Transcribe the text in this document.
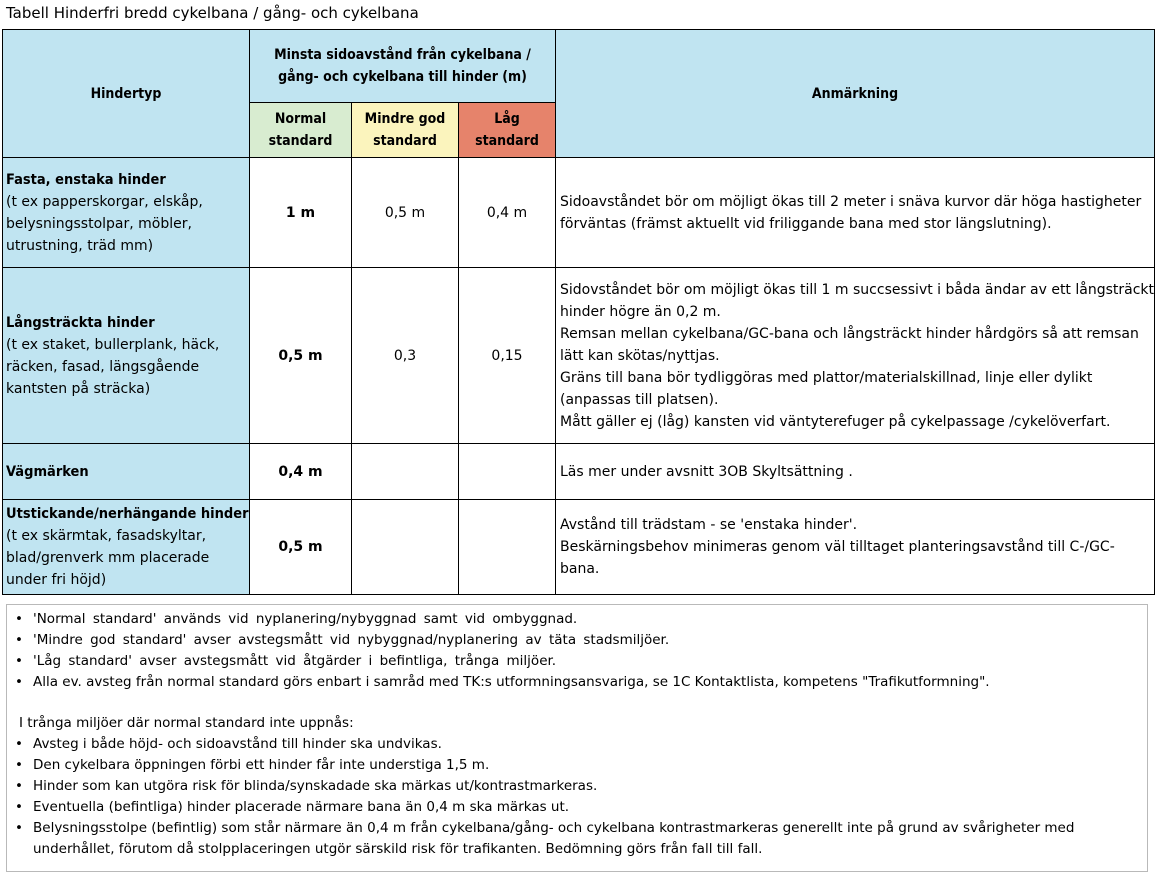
Tabell Hinderfri bredd cykelbana / gång- och cykelbana
Hindertyp	Minsta sidoavstånd från cykelbana / gång- och cykelbana till hinder (m)			Anmärkning
	Normal standard	Mindre god standard	Låg standard	

Fasta, enstaka hinder
(t ex papperskorgar, elskåp, belysningsstolpar, möbler, utrustning, träd mm)	1 m	0,5 m	0,4 m	Sidoavståndet bör om möjligt ökas till 2 meter i snäva kurvor där höga hastigheter förväntas (främst aktuellt vid friliggande bana med stor längslutning).

Långsträckta hinder
(t ex staket, bullerplank, häck, räcken, fasad, längsgående kantsten på sträcka)	0,5 m	0,3	0,15	Sidovståndet bör om möjligt ökas till 1 m succsessivt i båda ändar av ett långsträckt hinder högre än 0,2 m.
Remsan mellan cykelbana/GC-bana och långsträckt hinder hårdgörs så att remsan lätt kan skötas/nyttjas.
Gräns till bana bör tydliggöras med plattor/materialskillnad, linje eller dylikt (anpassas till platsen).
Mått gäller ej (låg) kansten vid väntyterefuger på cykelpassage /cykelöverfart.

Vägmärken	0,4 m			Läs mer under avsnitt 3OB Skyltsättning .

Utstickande/nerhängande hinder
(t ex skärmtak, fasadskyltar, blad/grenverk mm placerade under fri höjd)	0,5 m			Avstånd till trädstam - se 'enstaka hinder'.
Beskärningsbehov minimeras genom väl tilltaget planteringsavstånd till C-/GC-bana.
• 'Normal standard' används vid nyplanering/nybyggnad samt vid ombyggnad.
• 'Mindre god standard' avser avstegsmått vid nybyggnad/nyplanering av täta stadsmiljöer.
• 'Låg standard' avser avstegsmått vid åtgärder i befintliga, trånga miljöer.
• Alla ev. avsteg från normal standard görs enbart i samråd med TK:s utformningsansvariga, se 1C Kontaktlista, kompetens "Trafikutformning".
I trånga miljöer där normal standard inte uppnås:
• Avsteg i både höjd- och sidoavstånd till hinder ska undvikas.
• Den cykelbara öppningen förbi ett hinder får inte understiga 1,5 m.
• Hinder som kan utgöra risk för blinda/synskadade ska märkas ut/kontrastmarkeras.
• Eventuella (befintliga) hinder placerade närmare bana än 0,4 m ska märkas ut.
• Belysningsstolpe (befintlig) som står närmare än 0,4 m från cykelbana/gång- och cykelbana kontrastmarkeras generellt inte på grund av svårigheter med underhållet, förutom då stolpplaceringen utgör särskild risk för trafikanten. Bedömning görs från fall till fall.
